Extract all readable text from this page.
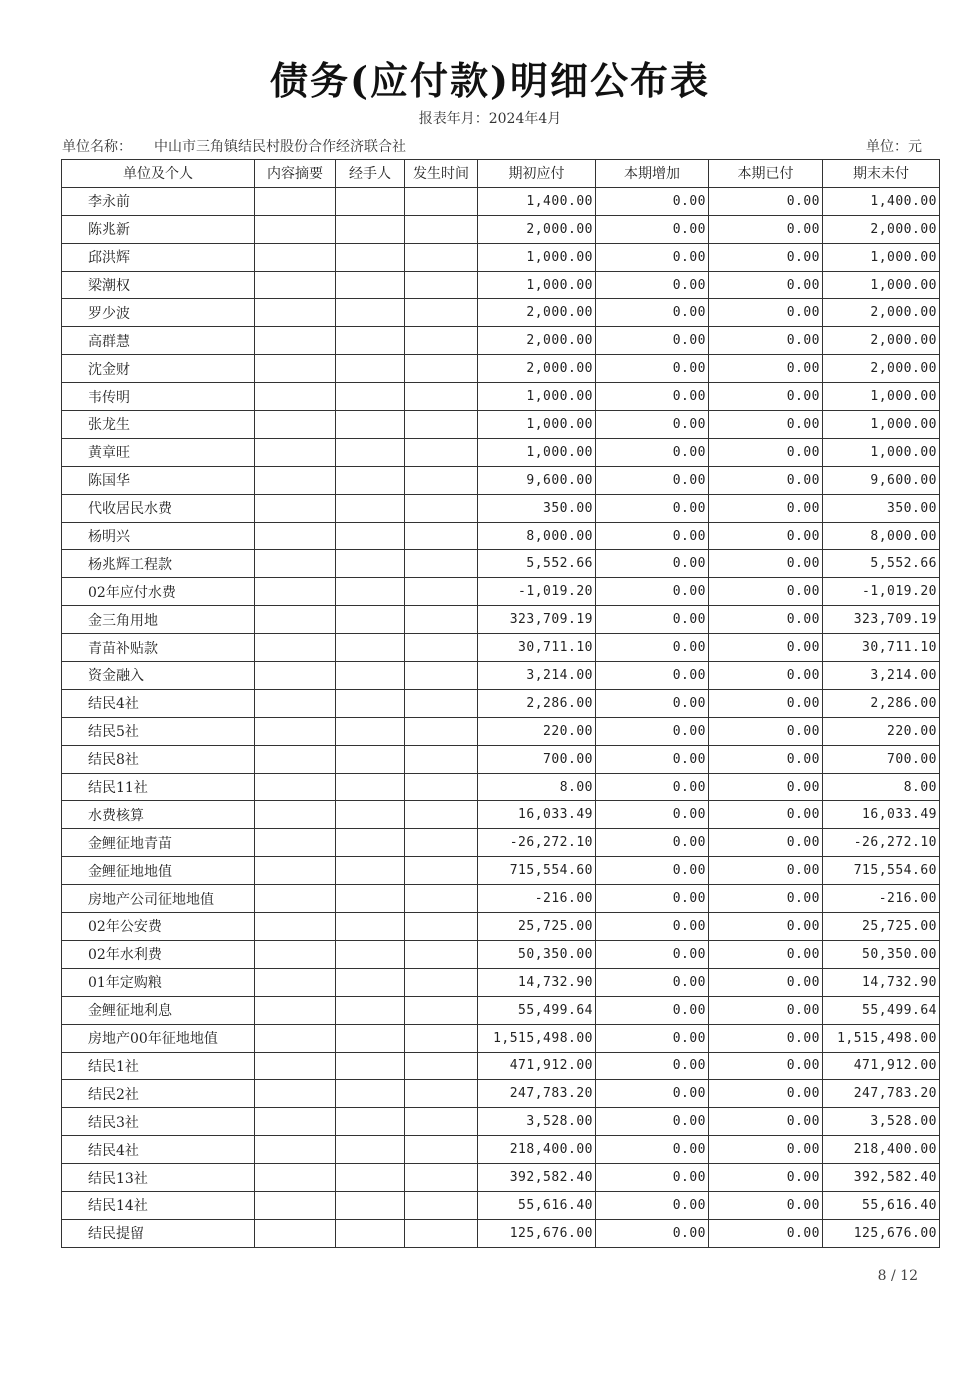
债务(应付款)明细公布表
报表年月：2024年4月
单位名称： 中山市三角镇结民村股份合作经济联合社	单位：元
单位及个人	内容摘要	经手人	发生时间	期初应付	本期增加	本期已付	期末未付
李永前				1,400.00	0.00	0.00	1,400.00
陈兆新				2,000.00	0.00	0.00	2,000.00
邱洪辉				1,000.00	0.00	0.00	1,000.00
梁潮权				1,000.00	0.00	0.00	1,000.00
罗少波				2,000.00	0.00	0.00	2,000.00
高群慧				2,000.00	0.00	0.00	2,000.00
沈金财				2,000.00	0.00	0.00	2,000.00
韦传明				1,000.00	0.00	0.00	1,000.00
张龙生				1,000.00	0.00	0.00	1,000.00
黄章旺				1,000.00	0.00	0.00	1,000.00
陈国华				9,600.00	0.00	0.00	9,600.00
代收居民水费				350.00	0.00	0.00	350.00
杨明兴				8,000.00	0.00	0.00	8,000.00
杨兆辉工程款				5,552.66	0.00	0.00	5,552.66
02年应付水费				-1,019.20	0.00	0.00	-1,019.20
金三角用地				323,709.19	0.00	0.00	323,709.19
青苗补贴款				30,711.10	0.00	0.00	30,711.10
资金融入				3,214.00	0.00	0.00	3,214.00
结民4社				2,286.00	0.00	0.00	2,286.00
结民5社				220.00	0.00	0.00	220.00
结民8社				700.00	0.00	0.00	700.00
结民11社				8.00	0.00	0.00	8.00
水费核算				16,033.49	0.00	0.00	16,033.49
金鲤征地青苗				-26,272.10	0.00	0.00	-26,272.10
金鲤征地地值				715,554.60	0.00	0.00	715,554.60
房地产公司征地地值				-216.00	0.00	0.00	-216.00
02年公安费				25,725.00	0.00	0.00	25,725.00
02年水利费				50,350.00	0.00	0.00	50,350.00
01年定购粮				14,732.90	0.00	0.00	14,732.90
金鲤征地利息				55,499.64	0.00	0.00	55,499.64
房地产00年征地地值				1,515,498.00	0.00	0.00	1,515,498.00
结民1社				471,912.00	0.00	0.00	471,912.00
结民2社				247,783.20	0.00	0.00	247,783.20
结民3社				3,528.00	0.00	0.00	3,528.00
结民4社				218,400.00	0.00	0.00	218,400.00
结民13社				392,582.40	0.00	0.00	392,582.40
结民14社				55,616.40	0.00	0.00	55,616.40
结民提留				125,676.00	0.00	0.00	125,676.00
8 / 12
